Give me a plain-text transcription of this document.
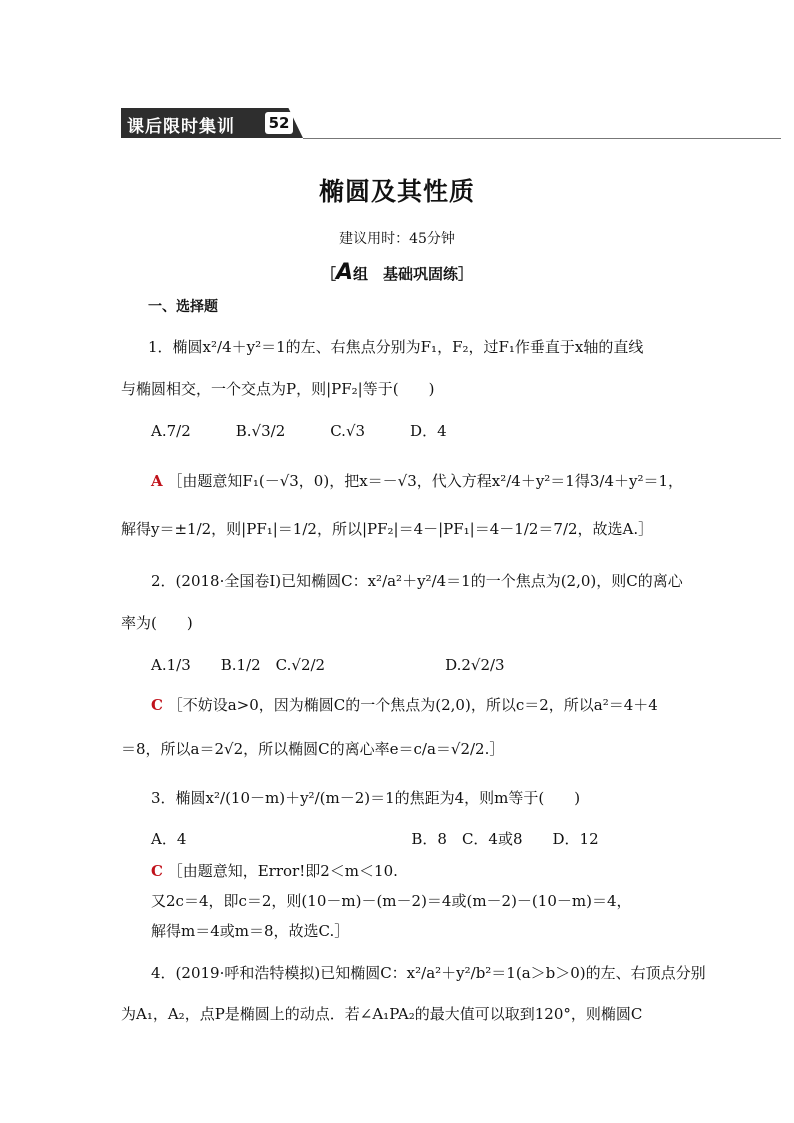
课后限时集训 52
椭圆及其性质
建议用时：45分钟
［A组　基础巩固练］
一、选择题
1．椭圆x²/4＋y²＝1的左、右焦点分别为F₁，F₂，过F₁作垂直于x轴的直线
与椭圆相交，一个交点为P，则|PF₂|等于(　　)
A.7/2　　　B.√3/2　　　C.√3　　　D．4
A ［由题意知F₁(－√3，0)，把x＝－√3，代入方程x²/4＋y²＝1得3/4＋y²＝1，
解得y＝±1/2，则|PF₁|＝1/2，所以|PF₂|＝4－|PF₁|＝4－1/2＝7/2，故选A.］
2．(2018·全国卷Ⅰ)已知椭圆C：x²/a²＋y²/4＝1的一个焦点为(2,0)，则C的离心
率为(　　)
A.1/3　　B.1/2　C.√2/2　　　　　　　　D.2√2/3
C ［不妨设a>0，因为椭圆C的一个焦点为(2,0)，所以c＝2，所以a²＝4＋4
＝8，所以a＝2√2，所以椭圆C的离心率e＝c/a＝√2/2.］
3．椭圆x²/(10－m)＋y²/(m－2)＝1的焦距为4，则m等于(　　)
A．4　　　　　　　　　　　　　　　B．8　C．4或8　　D．12
C ［由题意知，Error!即2＜m＜10.
又2c＝4，即c＝2，则(10－m)－(m－2)＝4或(m－2)－(10－m)＝4，
解得m＝4或m＝8，故选C.］
4．(2019·呼和浩特模拟)已知椭圆C：x²/a²＋y²/b²＝1(a＞b＞0)的左、右顶点分别
为A₁，A₂，点P是椭圆上的动点．若∠A₁PA₂的最大值可以取到120°，则椭圆C
